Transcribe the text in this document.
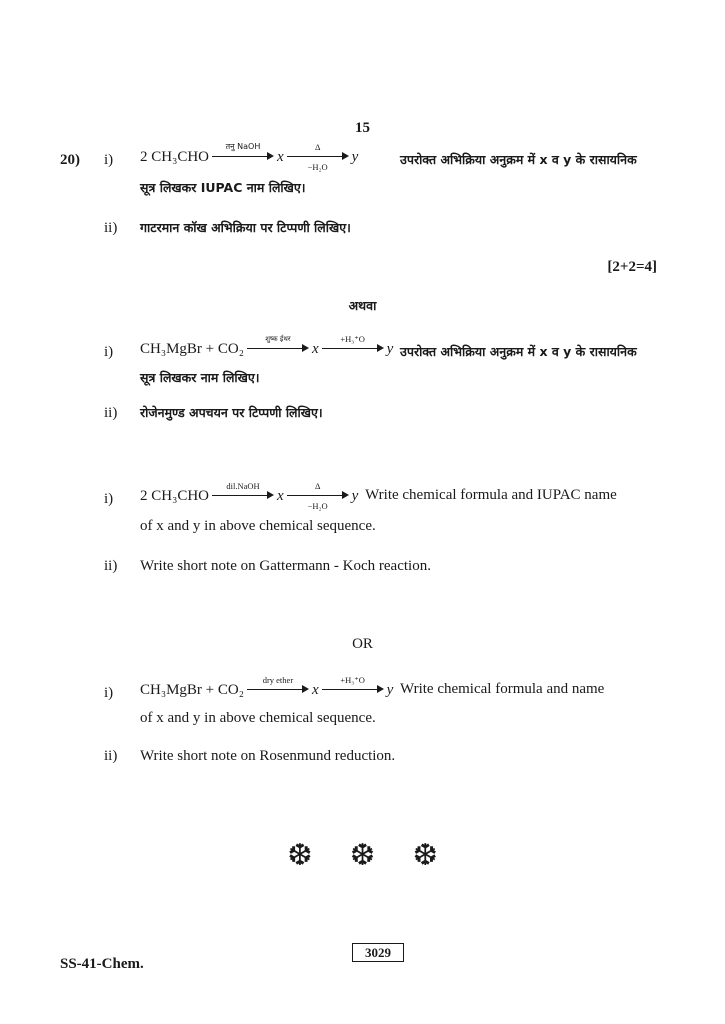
15
20) i) 2 CH₃CHO
तनु NaOH
x
Δ
−H₂O
y	उपरोक्त अभिक्रिया अनुक्रम में x व y के रासायनिक
सूत्र लिखकर IUPAC नाम लिखिए।
ii) गाटरमान कॉख अभिक्रिया पर टिप्पणी लिखिए।
[2+2=4]
अथवा
i) CH₃MgBr + CO₂
शुष्क ईथर
x
+H₃⁺O
y उपरोक्त अभिक्रिया अनुक्रम में x व y के रासायनिक
सूत्र लिखकर नाम लिखिए।
ii) रोजेनमुण्ड अपचयन पर टिप्पणी लिखिए।
i) 2 CH₃CHO
dil.NaOH
x
Δ
−H₂O
y Write chemical formula and IUPAC name
of x and y in above chemical sequence.
ii) Write short note on Gattermann - Koch reaction.
OR
i) CH₃MgBr + CO₂
dry ether
x
+H₃⁺O
y Write chemical formula and name
of x and y in above chemical sequence.
ii) Write short note on Rosenmund reduction.
❆ ❆ ❆
SS-41-Chem.
3029
